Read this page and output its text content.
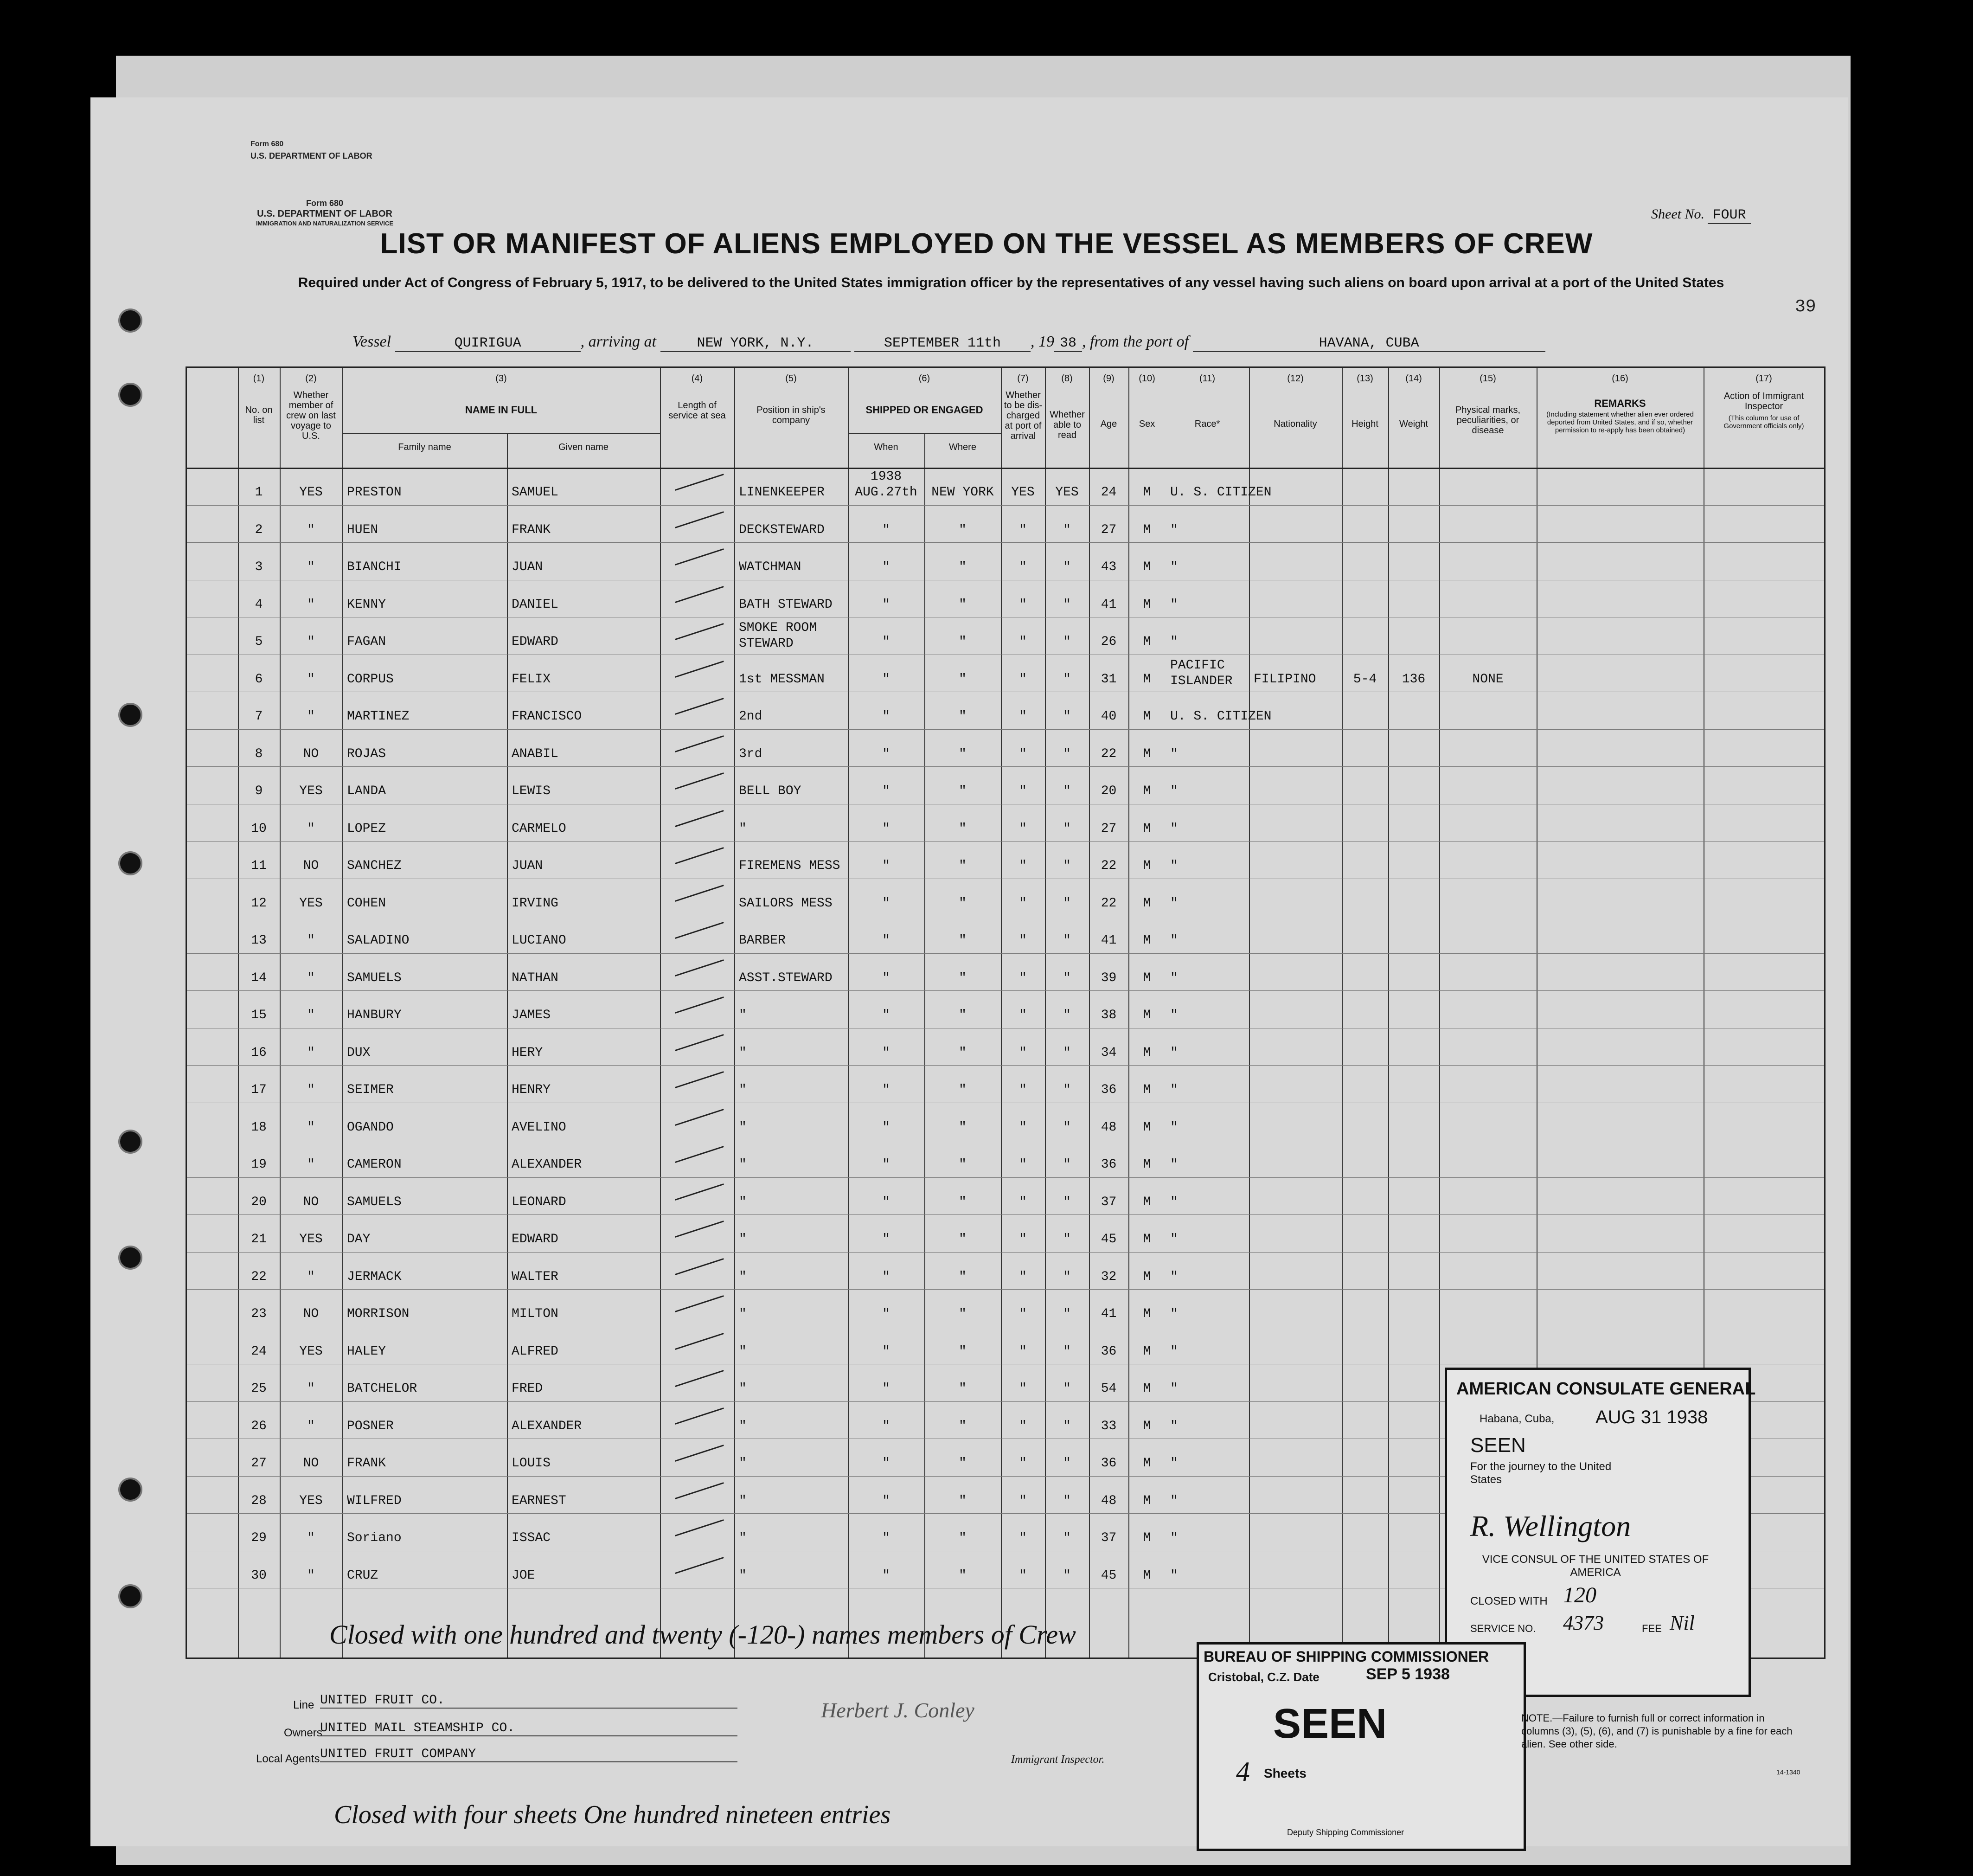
Form 680
U.S. DEPARTMENT OF LABOR
Form 680
U.S. DEPARTMENT OF LABOR
IMMIGRATION AND NATURALIZATION SERVICE
Sheet No. FOUR
LIST OR MANIFEST OF ALIENS EMPLOYED ON THE VESSEL AS MEMBERS OF CREW
Required under Act of Congress of February 5, 1917, to be delivered to the United States immigration officer by the representatives of any vessel having such aliens on board upon arrival at a port of the United States
39
Vessel	QUIRIGUA	, arriving at	NEW YORK, N.Y.	SEPTEMBER 11th , 19 38 , from the port of	HAVANA, CUBA
(1)	(2)	(3)	(4)	(5)	(6)	(7)	(8)	(9)	(10)	(11)	(12)	(13)	(14)	(15)	(16)	(17)
No. on list
Whether member of crew on last voyage to U.S.
NAME IN FULL
Family name	Given name
Length of service at sea
Position in ship's company
SHIPPED OR ENGAGED
When	Where
Whether to be dis-charged at port of arrival
Whether able to read
Age	Sex	Race*	Nationality	Height	Weight
Physical marks, peculiarities, or disease
REMARKS
(Including statement whether alien ever ordered deported from United States, and if so, whether permission to re-apply has been obtained)
Action of Immigrant Inspector
(This column for use of Government officials only)
1	YES	PRESTON	SAMUEL	LINENKEEPER	AUG.27th	NEW YORK	YES	YES	24	M	U. S. CITIZEN
1938
2	"	HUEN	FRANK	DECKSTEWARD	"	"	"	"	27	M	"
3	"	BIANCHI	JUAN	WATCHMAN	"	"	"	"	43	M	"
4	"	KENNY	DANIEL	BATH STEWARD	"	"	"	"	41	M	"
5	"	FAGAN	EDWARD
SMOKE ROOM
STEWARD	"	"	"	"	26	M	"
6	"	CORPUS	FELIX	1st MESSMAN	"	"	"	"	31	M
PACIFIC
ISLANDER	FILIPINO	5-4	136	NONE
7	"	MARTINEZ	FRANCISCO	2nd	"	"	"	"	40	M	U. S. CITIZEN
8	NO	ROJAS	ANABIL	3rd	"	"	"	"	22	M	"
9	YES	LANDA	LEWIS	BELL BOY	"	"	"	"	20	M	"
10	"	LOPEZ	CARMELO	"	"	"	"	"	27	M	"
11	NO	SANCHEZ	JUAN	FIREMENS MESS	"	"	"	"	22	M	"
12	YES	COHEN	IRVING	SAILORS MESS	"	"	"	"	22	M	"
13	"	SALADINO	LUCIANO	BARBER	"	"	"	"	41	M	"
14	"	SAMUELS	NATHAN	ASST.STEWARD	"	"	"	"	39	M	"
15	"	HANBURY	JAMES	"	"	"	"	"	38	M	"
16	"	DUX	HERY	"	"	"	"	"	34	M	"
17	"	SEIMER	HENRY	"	"	"	"	"	36	M	"
18	"	OGANDO	AVELINO	"	"	"	"	"	48	M	"
19	"	CAMERON	ALEXANDER	"	"	"	"	"	36	M	"
20	NO	SAMUELS	LEONARD	"	"	"	"	"	37	M	"
21	YES	DAY	EDWARD	"	"	"	"	"	45	M	"
22	"	JERMACK	WALTER	"	"	"	"	"	32	M	"
23	NO	MORRISON	MILTON	"	"	"	"	"	41	M	"
24	YES	HALEY	ALFRED	"	"	"	"	"	36	M	"
25	"	BATCHELOR	FRED	"	"	"	"	"	54	M	"
26	"	POSNER	ALEXANDER	"	"	"	"	"	33	M	"
27	NO	FRANK	LOUIS	"	"	"	"	"	36	M	"
28	YES	WILFRED	EARNEST	"	"	"	"	"	48	M	"
29	"	Soriano	ISSAC	"	"	"	"	"	37	M	"
30	"	CRUZ	JOE	"	"	"	"	"	45	M	"
Closed with one hundred and twenty (-120-) names members of Crew
Line UNITED FRUIT CO.
Owners
UNITED MAIL STEAMSHIP CO.
Local Agents UNITED FRUIT COMPANY
Herbert J. Conley
Immigrant Inspector.
Closed with four sheets One hundred nineteen entries
AMERICAN CONSULATE GENERAL
Habana, Cuba, AUG 31 1938
SEEN
For the journey to the United States
R. Wellington
VICE CONSUL OF THE UNITED STATES OF AMERICA
CLOSED WITH 120
SERVICE NO. 4373	FEE Nil
BUREAU OF SHIPPING COMMISSIONER
Cristobal, C.Z. Date	SEP 5 1938
SEEN
4 Sheets
Deputy Shipping Commissioner
NOTE.—Failure to furnish full or correct information in columns (3), (5), (6), and (7) is punishable by a fine for each alien. See other side.
14-1340
